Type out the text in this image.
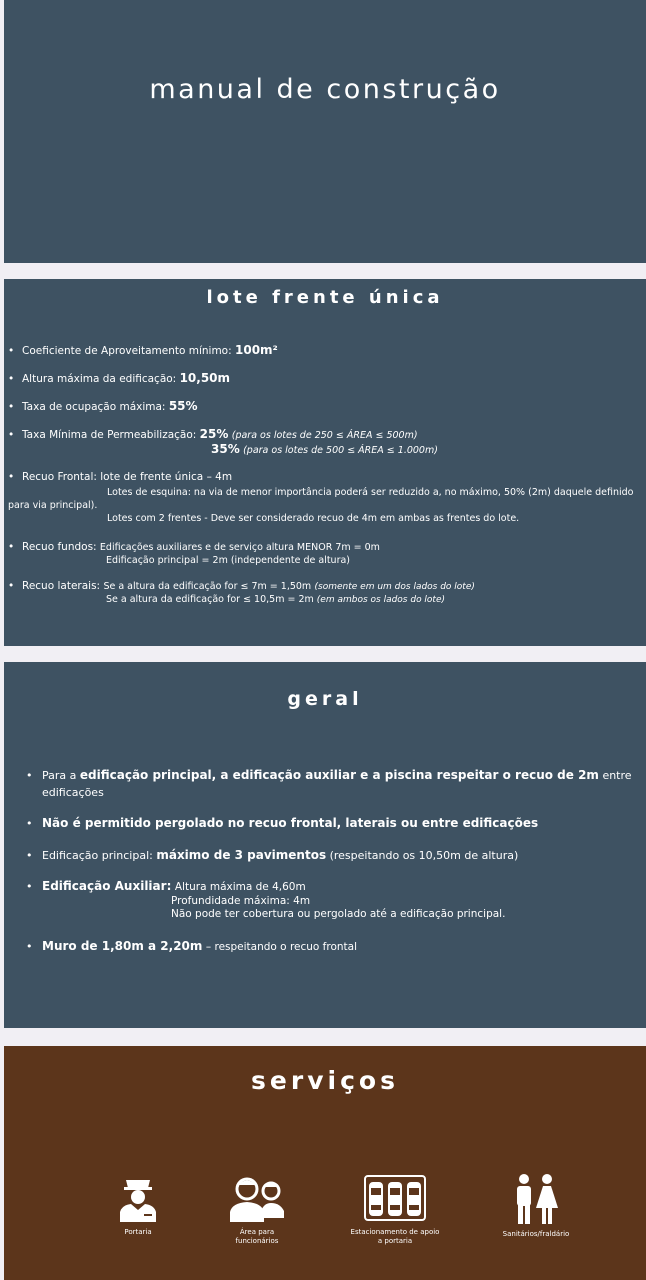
manual de construção
lote frente única
• Coeficiente de Aproveitamento mínimo: 100m²
• Altura máxima da edificação: 10,50m
• Taxa de ocupação máxima: 55%
• Taxa Mínima de Permeabilização: 25% (para os lotes de 250 ≤ ÁREA ≤ 500m)
35% (para os lotes de 500 ≤ ÁREA ≤ 1.000m)
• Recuo Frontal: lote de frente única – 4m
Lotes de esquina: na via de menor importância poderá ser reduzido a, no máximo, 50% (2m) daquele definido
para via principal).
Lotes com 2 frentes - Deve ser considerado recuo de 4m em ambas as frentes do lote.
• Recuo fundos: Edificações auxiliares e de serviço altura MENOR 7m = 0m
Edificação principal = 2m (independente de altura)
• Recuo laterais: Se a altura da edificação for ≤ 7m = 1,50m (somente em um dos lados do lote)
Se a altura da edificação for ≤ 10,5m = 2m (em ambos os lados do lote)
geral
• Para a edificação principal, a edificação auxiliar e a piscina respeitar o recuo de 2m entre
edificações
• Não é permitido pergolado no recuo frontal, laterais ou entre edificações
• Edificação principal: máximo de 3 pavimentos (respeitando os 10,50m de altura)
• Edificação Auxiliar: Altura máxima de 4,60m
Profundidade máxima: 4m
Não pode ter cobertura ou pergolado até a edificação principal.
• Muro de 1,80m a 2,20m – respeitando o recuo frontal
serviços
Portaria	Área para
funcionários
Estacionamento de apoio
a portaria
Sanitários/fraldário
